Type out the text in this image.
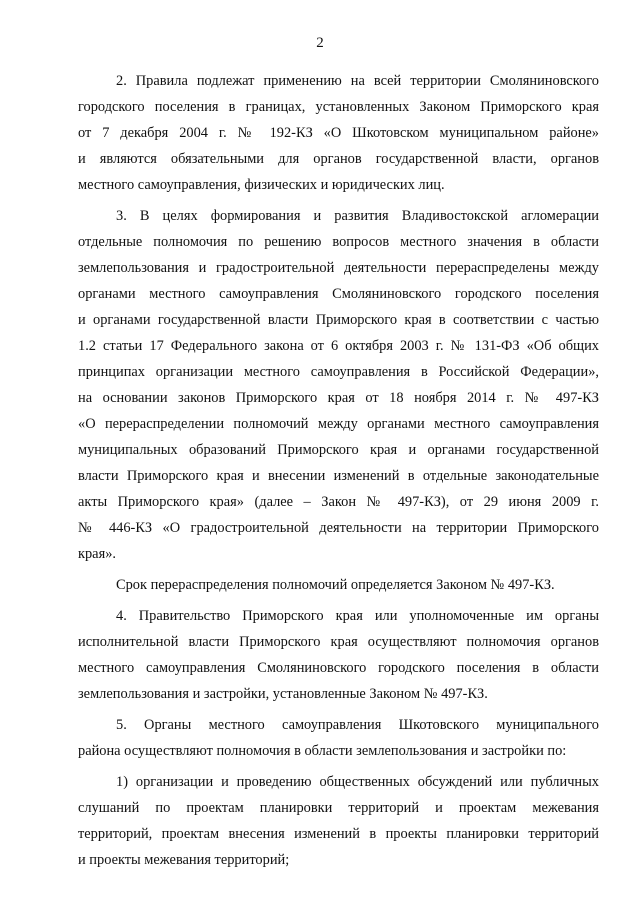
2
2. Правила подлежат применению на всей территории Смоляниновского
городского поселения в границах, установленных Законом Приморского края
от 7 декабря 2004 г. № 192-КЗ «О Шкотовском муниципальном районе»
и являются обязательными для органов государственной власти, органов
местного самоуправления, физических и юридических лиц.
3. В целях формирования и развития Владивостокской агломерации
отдельные полномочия по решению вопросов местного значения в области
землепользования и градостроительной деятельности перераспределены между
органами местного самоуправления Смоляниновского городского поселения
и органами государственной власти Приморского края в соответствии с частью
1.2 статьи 17 Федерального закона от 6 октября 2003 г. № 131-ФЗ «Об общих
принципах организации местного самоуправления в Российской Федерации»,
на основании законов Приморского края от 18 ноября 2014 г. № 497-КЗ
«О перераспределении полномочий между органами местного самоуправления
муниципальных образований Приморского края и органами государственной
власти Приморского края и внесении изменений в отдельные законодательные
акты Приморского края» (далее – Закон № 497-КЗ), от 29 июня 2009 г.
№ 446-КЗ «О градостроительной деятельности на территории Приморского
края».
Срок перераспределения полномочий определяется Законом № 497-КЗ.
4. Правительство Приморского края или уполномоченные им органы
исполнительной власти Приморского края осуществляют полномочия органов
местного самоуправления Смоляниновского городского поселения в области
землепользования и застройки, установленные Законом № 497-КЗ.
5. Органы местного самоуправления Шкотовского муниципального
района осуществляют полномочия в области землепользования и застройки по:
1) организации и проведению общественных обсуждений или публичных
слушаний по проектам планировки территорий и проектам межевания
территорий, проектам внесения изменений в проекты планировки территорий
и проекты межевания территорий;
